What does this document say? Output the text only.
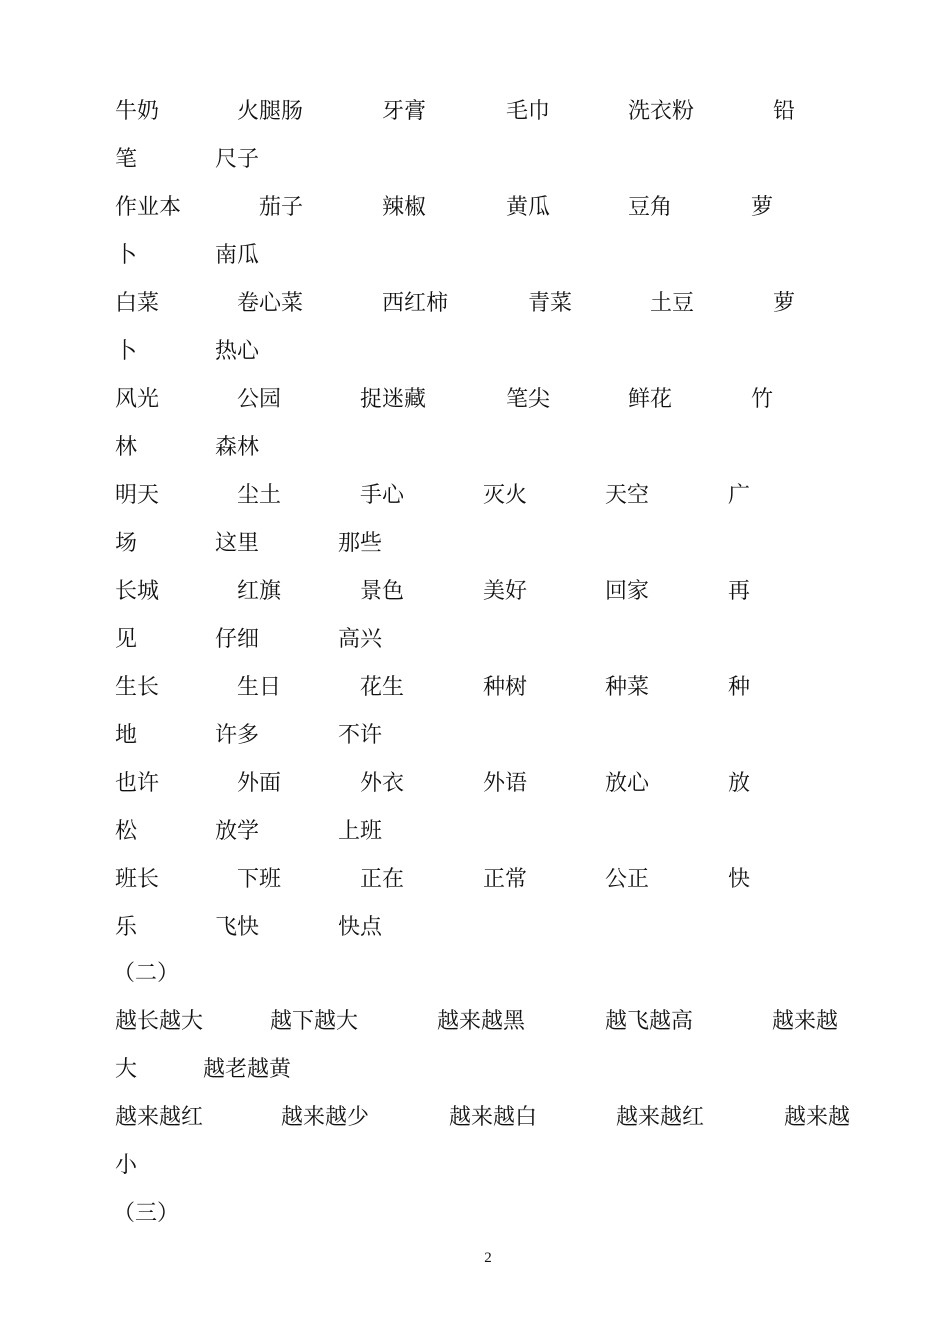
牛奶	火腿肠	牙膏	毛巾	洗衣粉	铅
笔	尺子
作业本	茄子	辣椒	黄瓜	豆角	萝
卜	南瓜
白菜	卷心菜	西红柿	青菜	土豆	萝
卜	热心
风光	公园	捉迷藏	笔尖	鲜花	竹
林	森林
明天	尘土	手心	灭火	天空	广
场	这里	那些
长城	红旗	景色	美好	回家	再
见	仔细	高兴
生长	生日	花生	种树	种菜	种
地	许多	不许
也许	外面	外衣	外语	放心	放
松	放学	上班
班长	下班	正在	正常	公正	快
乐	飞快	快点
（二）
越长越大	越下越大	越来越黑	越飞越高	越来越
大	越老越黄
越来越红	越来越少	越来越白	越来越红	越来越
小
（三）
2
